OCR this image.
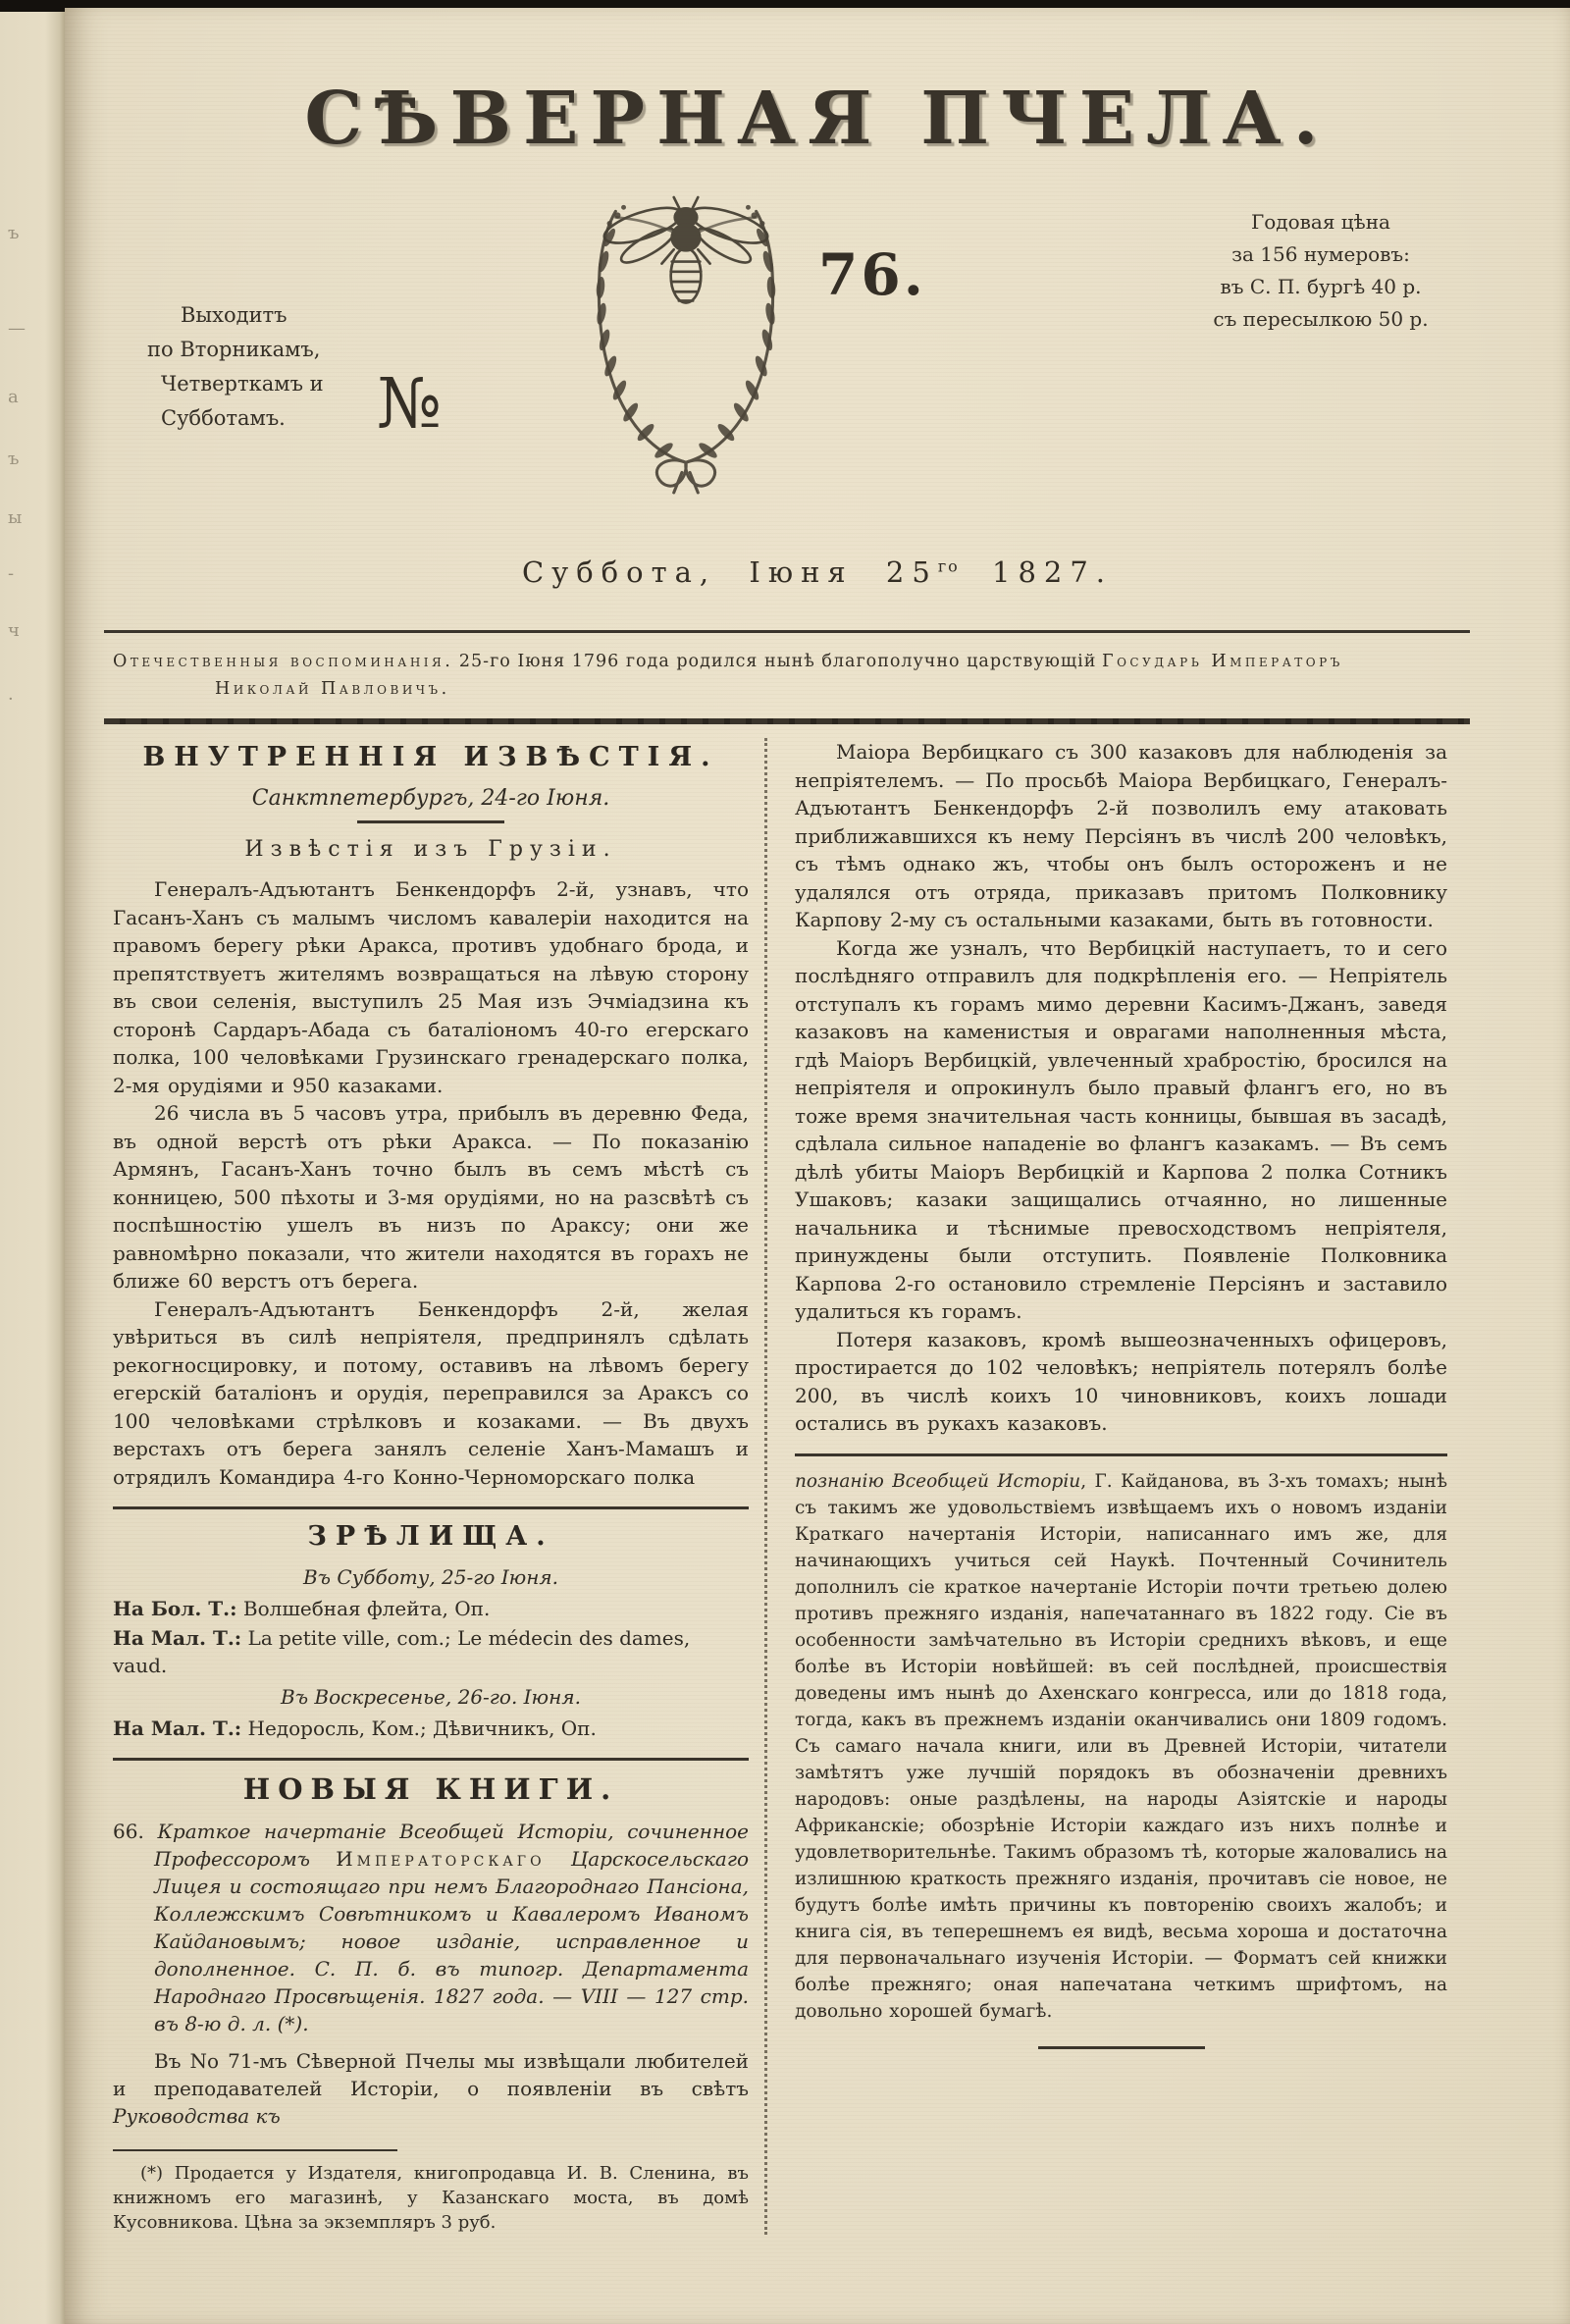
ъ
—
а
ъ
ы
-
ч
·
СѢВЕРНАЯ ПЧЕЛА.
Выходитъ
по Вторникамъ,
Четверткамъ и
Субботамъ.	№
76.
Годовая цѣна
за 156 нумеровъ:
въ С. П. бургѣ 40 р.
съ пересылкою 50 р.
Суббота, Іюня $25^{го}$ 1827.
Отечественныя воспоминанія. 25-го Іюня 1796 года родился нынѣ благополучно царствующій Государь Императоръ
Николай Павловичъ.
ВНУТРЕННІЯ ИЗВѢСТІЯ.
Санктпетербургъ, 24-го Іюня.
Извѣстія изъ Грузіи.

Генералъ-Адъютантъ Бенкендорфъ 2-й, узнавъ, что Гасанъ-Ханъ съ малымъ числомъ кавалеріи находится на правомъ берегу рѣки Аракса, противъ удобнаго брода, и препятствуетъ жителямъ возвращаться на лѣвую сторону въ свои селенія, выступилъ 25 Мая изъ Эчміадзина къ сторонѣ Сардаръ-Абада съ баталіономъ 40-го егерскаго полка, 100 человѣками Грузинскаго гренадерскаго полка, 2-мя орудіями и 950 казаками.

26 числа въ 5 часовъ утра, прибылъ въ деревню Феда, въ одной верстѣ отъ рѣки Аракса. — По показанію Армянъ, Гасанъ-Ханъ точно былъ въ семъ мѣстѣ съ конницею, 500 пѣхоты и 3-мя орудіями, но на разсвѣтѣ съ поспѣшностію ушелъ въ низъ по Араксу; они же равномѣрно показали, что жители находятся въ горахъ не ближе 60 верстъ отъ берега.

Генералъ-Адъютантъ Бенкендорфъ 2-й, желая увѣриться въ силѣ непріятеля, предпринялъ сдѣлать рекогносцировку, и потому, оставивъ на лѣвомъ берегу егерскій баталіонъ и орудія, переправился за Араксъ со 100 человѣками стрѣлковъ и козаками. — Въ двухъ верстахъ отъ берега занялъ селеніе Ханъ-Мамашъ и отрядилъ Командира 4-го Конно-Черноморскаго полка

ЗРѢЛИЩА.
Въ Субботу, 25-го Іюня.
На Бол. Т.: Волшебная флейта, Оп.
На Мал. Т.: La petite ville, com.; Le médecin des dames, vaud.
Въ Воскресенье, 26-го. Іюня.
На Мал. Т.: Недоросль, Ком.; Дѣвичникъ, Оп.
НОВЫЯ КНИГИ.

66. Краткое начертаніе Всеобщей Исторіи, сочиненное Профессоромъ Императорскаго Царскосельскаго Лицея и состоящаго при немъ Благороднаго Пансіона, Коллежскимъ Совѣтникомъ и Кавалеромъ Иваномъ Кайдановымъ; новое изданіе, исправленное и дополненное. С. П. б. въ типогр. Департамента Народнаго Просвѣщенія. 1827 года. — VIII — 127 стр. въ 8-ю д. л. (*).

Въ No 71-мъ Сѣверной Пчелы мы извѣщали любителей и преподавателей Исторіи, о появленіи въ свѣтъ Руководства къ

(*) Продается у Издателя, книгопродавца И. В. Сленина, въ книжномъ его магазинѣ, у Казанскаго моста, въ домѣ Кусовникова. Цѣна за экземпляръ 3 руб.

Маіора Вербицкаго съ 300 казаковъ для наблюденія за непріятелемъ. — По просьбѣ Маіора Вербицкаго, Генералъ-Адъютантъ Бенкендорфъ 2-й позволилъ ему атаковать приближавшихся къ нему Персіянъ въ числѣ 200 человѣкъ, съ тѣмъ однако жъ, чтобы онъ былъ остороженъ и не удалялся отъ отряда, приказавъ притомъ Полковнику Карпову 2-му съ остальными казаками, быть въ готовности.

Когда же узналъ, что Вербицкій наступаетъ, то и сего послѣдняго отправилъ для подкрѣпленія его. — Непріятель отступалъ къ горамъ мимо деревни Касимъ-Джанъ, заведя казаковъ на каменистыя и оврагами наполненныя мѣста, гдѣ Маіоръ Вербицкій, увлеченный храбростію, бросился на непріятеля и опрокинулъ было правый флангъ его, но въ тоже время значительная часть конницы, бывшая въ засадѣ, сдѣлала сильное нападеніе во флангъ казакамъ. — Въ семъ дѣлѣ убиты Маіоръ Вербицкій и Карпова 2 полка Сотникъ Ушаковъ; казаки защищались отчаянно, но лишенные начальника и тѣснимые превосходствомъ непріятеля, принуждены были отступить. Появленіе Полковника Карпова 2-го остановило стремленіе Персіянъ и заставило удалиться къ горамъ.

Потеря казаковъ, кромѣ вышеозначенныхъ офицеровъ, простирается до 102 человѣкъ; непріятель потерялъ болѣе 200, въ числѣ коихъ 10 чиновниковъ, коихъ лошади остались въ рукахъ казаковъ.

познанію Всеобщей Исторіи, Г. Кайданова, въ 3-хъ томахъ; нынѣ съ такимъ же удовольствіемъ извѣщаемъ ихъ о новомъ изданіи Краткаго начертанія Исторіи, написаннаго имъ же, для начинающихъ учиться сей Наукѣ. Почтенный Сочинитель дополнилъ сіе краткое начертаніе Исторіи почти третьею долею противъ прежняго изданія, напечатаннаго въ 1822 году. Сіе въ особенности замѣчательно въ Исторіи среднихъ вѣковъ, и еще болѣе въ Исторіи новѣйшей: въ сей послѣдней, происшествія доведены имъ нынѣ до Ахенскаго конгресса, или до 1818 года, тогда, какъ въ прежнемъ изданіи оканчивались они 1809 годомъ. Съ самаго начала книги, или въ Древней Исторіи, читатели замѣтятъ уже лучшій порядокъ въ обозначеніи древнихъ народовъ: оные раздѣлены, на народы Азіятскіе и народы Африканскіе; обозрѣніе Исторіи каждаго изъ нихъ полнѣе и удовлетворительнѣе. Такимъ образомъ тѣ, которые жаловались на излишнюю краткость прежняго изданія, прочитавъ сіе новое, не будутъ болѣе имѣть причины къ повторенію своихъ жалобъ; и книга сія, въ теперешнемъ ея видѣ, весьма хороша и достаточна для первоначальнаго изученія Исторіи. — Форматъ сей книжки болѣе прежняго; оная напечатана четкимъ шрифтомъ, на довольно хорошей бумагѣ.
